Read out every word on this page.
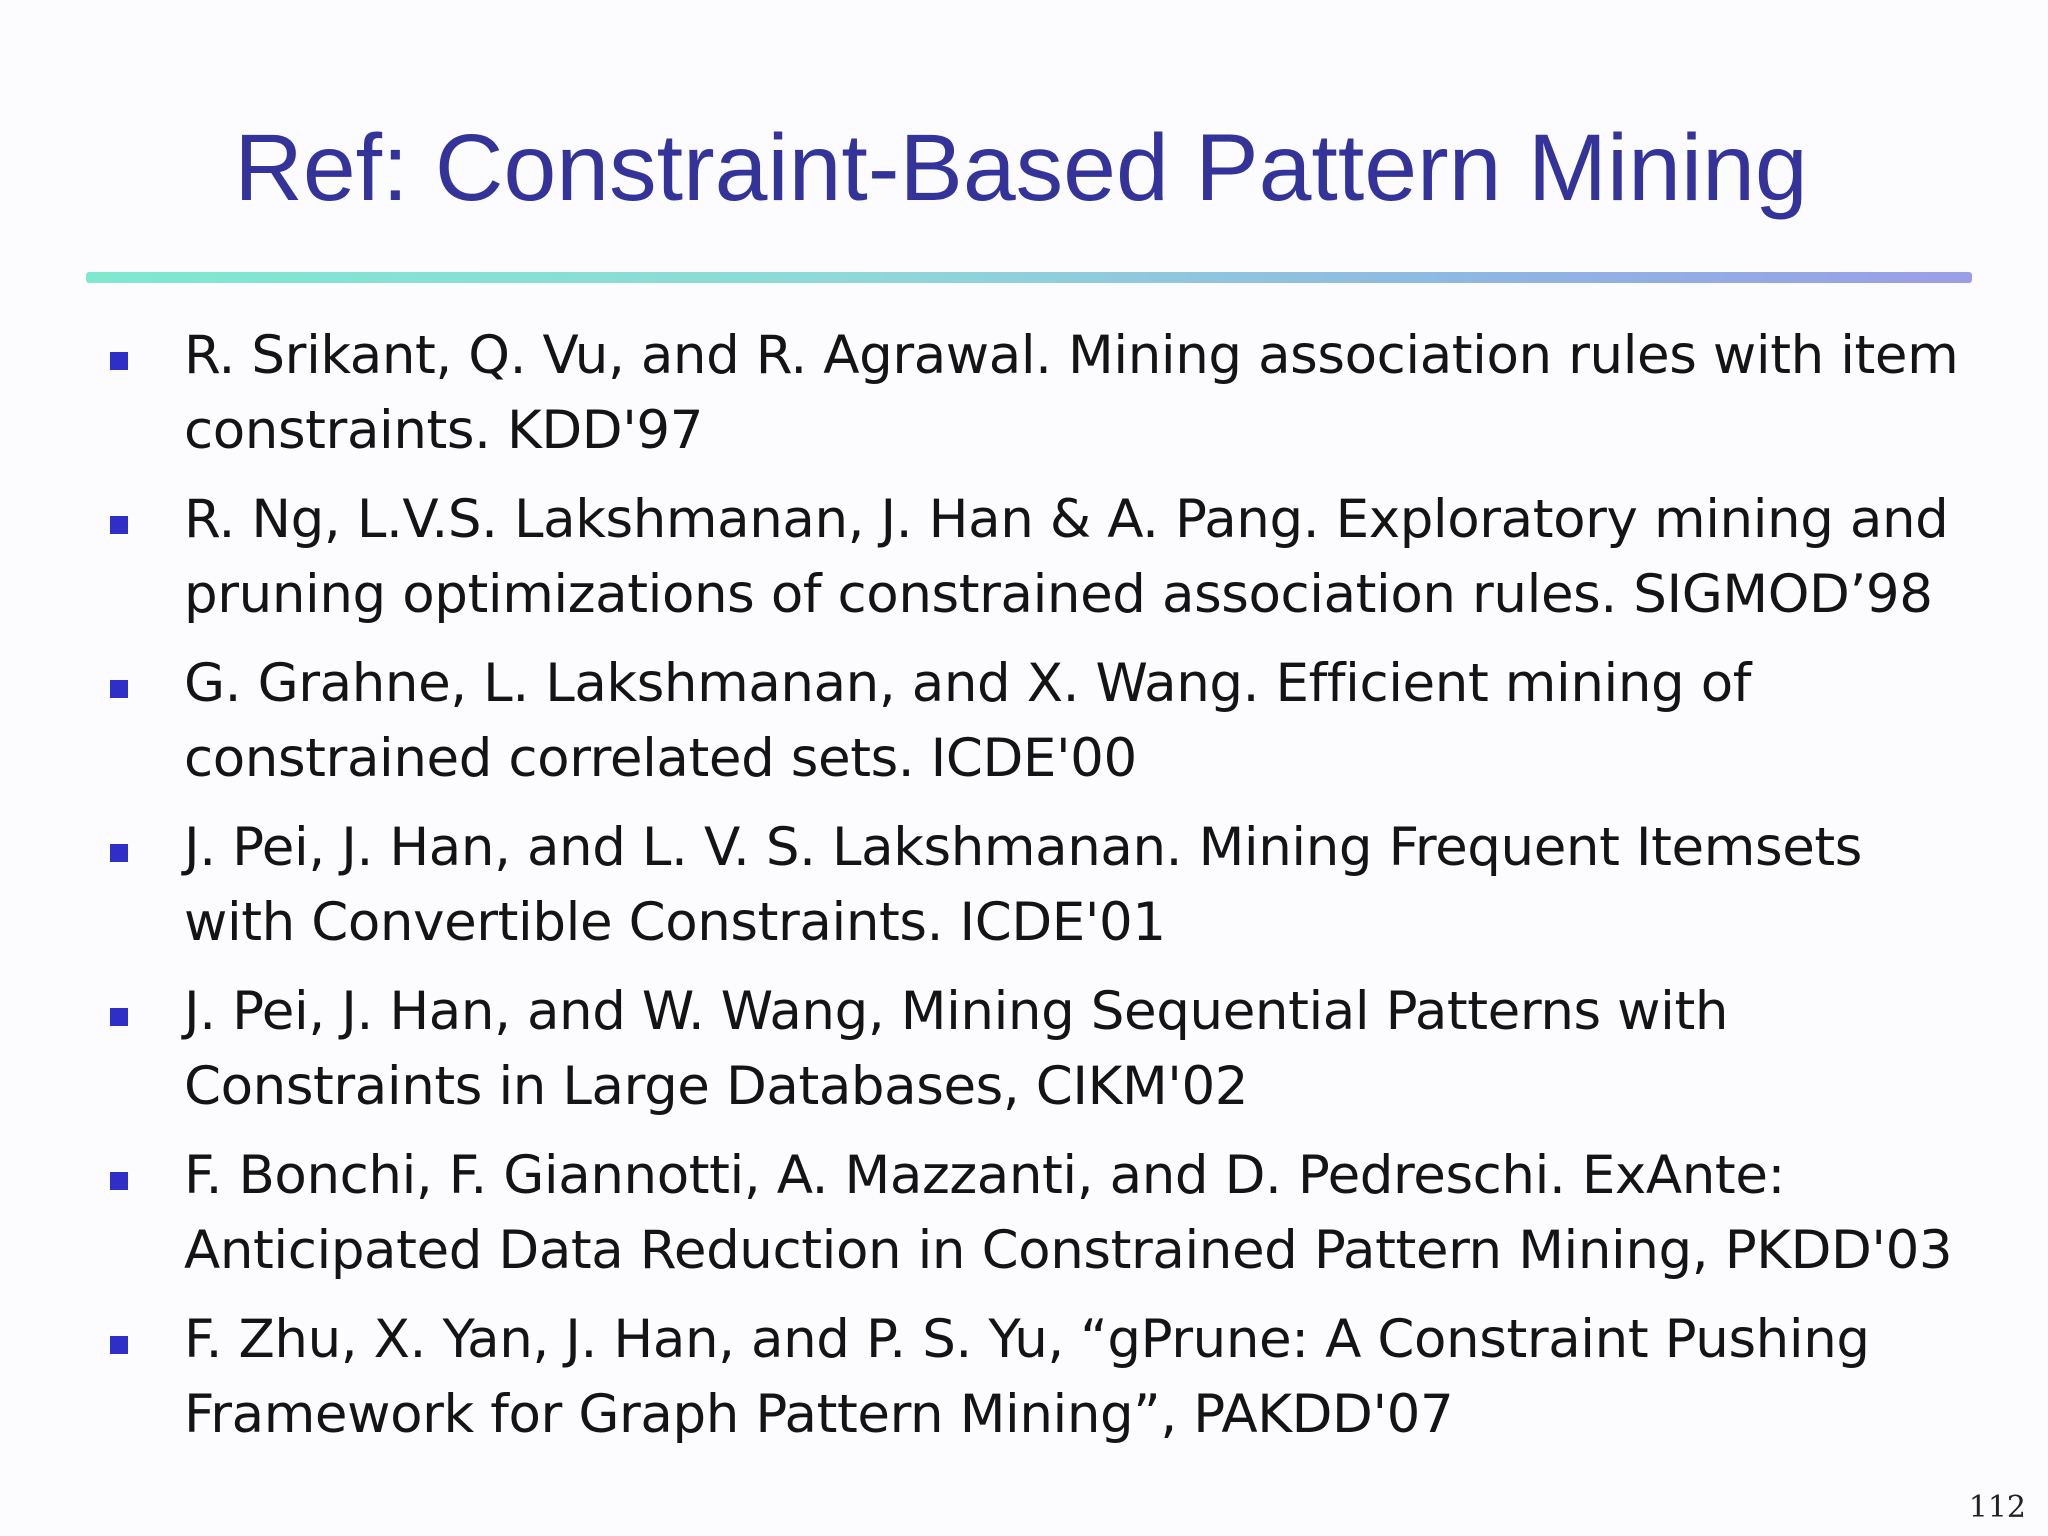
Ref: Constraint-Based Pattern Mining
R. Srikant, Q. Vu, and R. Agrawal. Mining association rules with item
constraints. KDD'97
R. Ng, L.V.S. Lakshmanan, J. Han & A. Pang. Exploratory mining and
pruning optimizations of constrained association rules. SIGMOD’98
G. Grahne, L. Lakshmanan, and X. Wang. Efficient mining of
constrained correlated sets. ICDE'00
J. Pei, J. Han, and L. V. S. Lakshmanan. Mining Frequent Itemsets
with Convertible Constraints. ICDE'01
J. Pei, J. Han, and W. Wang, Mining Sequential Patterns with
Constraints in Large Databases, CIKM'02
F. Bonchi, F. Giannotti, A. Mazzanti, and D. Pedreschi. ExAnte:
Anticipated Data Reduction in Constrained Pattern Mining, PKDD'03
F. Zhu, X. Yan, J. Han, and P. S. Yu, “gPrune: A Constraint Pushing
Framework for Graph Pattern Mining”, PAKDD'07
112
